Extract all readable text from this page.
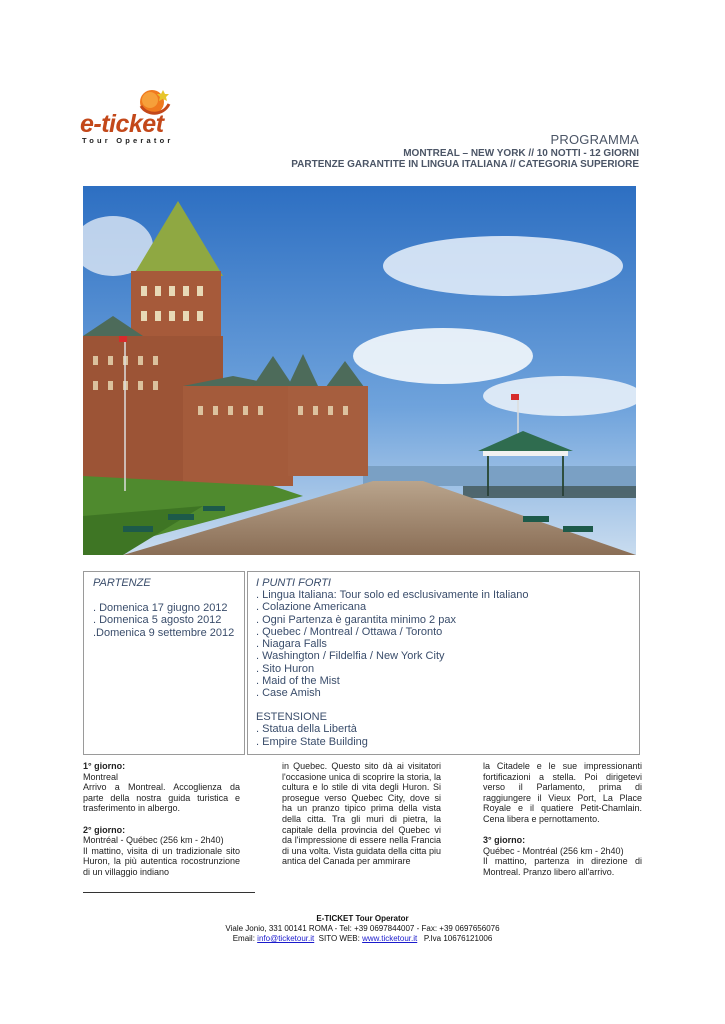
e-ticket
Tour Operator	PROGRAMMA
MONTREAL – NEW YORK // 10 NOTTI - 12 GIORNI
PARTENZE GARANTITE IN LINGUA ITALIANA // CATEGORIA SUPERIORE
PARTENZE
. Domenica 17 giugno 2012
. Domenica 5 agosto 2012
.Domenica 9 settembre 2012
I PUNTI FORTI
. Lingua Italiana: Tour solo ed esclusivamente in Italiano
. Colazione Americana
. Ogni Partenza è garantita minimo 2 pax
. Quebec / Montreal / Ottawa / Toronto
. Niagara Falls
. Washington / Fildelfia / New York City
. Sito Huron
. Maid of the Mist
. Case Amish
ESTENSIONE
. Statua della Libertà
. Empire State Building

1° giorno:

Montreal

Arrivo a Montreal. Accoglienza da parte della nostra guida turistica e trasferimento in albergo.

2° giorno:

Montréal - Québec (256 km - 2h40)

Il mattino, visita di un tradizionale sito Huron, la più autentica rocostrunzione di un villaggio indiano

in Quebec. Questo sito dà ai visitatori l'occasione unica di scoprire la storia, la cultura e lo stile di vita degli Huron. Si prosegue verso Quebec City, dove si ha un pranzo tipico prima della vista della citta. Tra gli muri di pietra, la capitale della provincia del Quebec vi da l'impressione di essere nella Francia di una volta. Vista guidata della citta piu antica del Canada per ammirare

la Citadele e le sue impressionanti fortificazioni a stella. Poi dirigetevi verso il Parlamento, prima di raggiungere il Vieux Port, La Place Royale e il quatiere Petit-Chamlain. Cena libera e pernottamento.

3° giorno:

Québec - Montréal (256 km - 2h40)

Il mattino, partenza in direzione di Montreal. Pranzo libero all'arrivo.

E-TICKET Tour Operator
Viale Jonio, 331 00141 ROMA - Tel: +39 0697844007 - Fax: +39 0697656076
Email: info@ticketour.it SITO WEB: www.ticketour.it P.Iva 10676121006
